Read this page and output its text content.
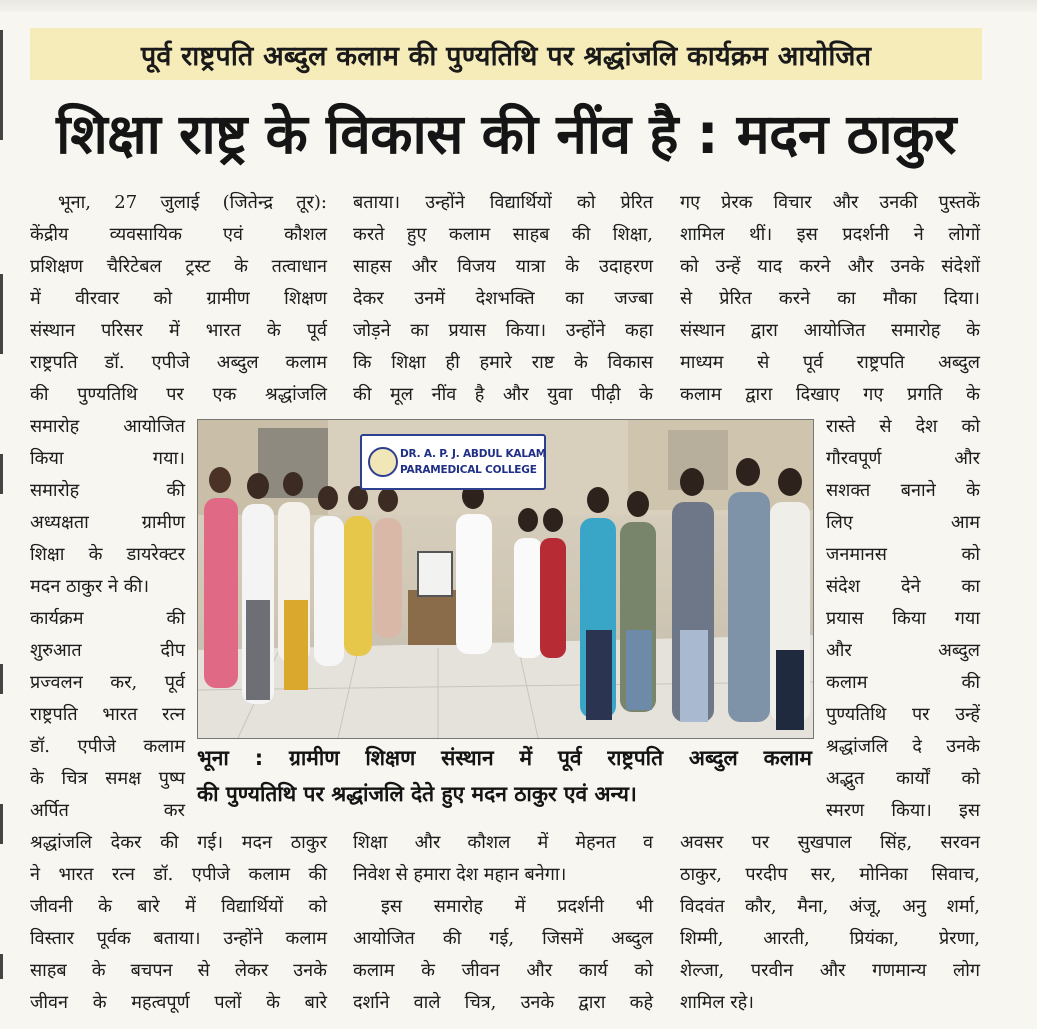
पूर्व राष्ट्रपति अब्दुल कलाम की पुण्यतिथि पर श्रद्धांजलि कार्यक्रम आयोजित
शिक्षा राष्ट्र के विकास की नींव है : मदन ठाकुर

भूना, 27 जुलाई (जितेन्द्र तूर):

केंद्रीय व्यवसायिक एवं कौशल

प्रशिक्षण चैरिटेबल ट्रस्ट के तत्वाधान

में वीरवार को ग्रामीण शिक्षण

संस्थान परिसर में भारत के पूर्व

राष्ट्रपति डॉ. एपीजे अब्दुल कलाम

की पुण्यतिथि पर एक श्रद्धांजलि

समारोह आयोजित

किया गया।

समारोह की

अध्यक्षता ग्रामीण

शिक्षा के डायरेक्टर

मदन ठाकुर ने की।

कार्यक्रम की

शुरुआत दीप

प्रज्वलन कर, पूर्व

राष्ट्रपति भारत रत्न

डॉ. एपीजे कलाम

के चित्र समक्ष पुष्प

अर्पित कर

श्रद्धांजलि देकर की गई। मदन ठाकुर

ने भारत रत्न डॉ. एपीजे कलाम की

जीवनी के बारे में विद्यार्थियों को

विस्तार पूर्वक बताया। उन्होंने कलाम

साहब के बचपन से लेकर उनके

जीवन के महत्वपूर्ण पलों के बारे

बताया। उन्होंने विद्यार्थियों को प्रेरित

करते हुए कलाम साहब की शिक्षा,

साहस और विजय यात्रा के उदाहरण

देकर उनमें देशभक्ति का जज्बा

जोड़ने का प्रयास किया। उन्होंने कहा

कि शिक्षा ही हमारे राष्ट के विकास

की मूल नींव है और युवा पीढ़ी के

शिक्षा और कौशल में मेहनत व

निवेश से हमारा देश महान बनेगा।

इस समारोह में प्रदर्शनी भी

आयोजित की गई, जिसमें अब्दुल

कलाम के जीवन और कार्य को

दर्शाने वाले चित्र, उनके द्वारा कहे

गए प्रेरक विचार और उनकी पुस्तकें

शामिल थीं। इस प्रदर्शनी ने लोगों

को उन्हें याद करने और उनके संदेशों

से प्रेरित करने का मौका दिया।

संस्थान द्वारा आयोजित समारोह के

माध्यम से पूर्व राष्ट्रपति अब्दुल

कलाम द्वारा दिखाए गए प्रगति के

रास्ते से देश को

गौरवपूर्ण और

सशक्त बनाने के

लिए आम

जनमानस को

संदेश देने का

प्रयास किया गया

और अब्दुल

कलाम की

पुण्यतिथि पर उन्हें

श्रद्धांजलि दे उनके

अद्भुत कार्यों को

स्मरण किया। इस

अवसर पर सुखपाल सिंह, सरवन

ठाकुर, परदीप सर, मोनिका सिवाच,

विदवंत कौर, मैना, अंजू, अनु शर्मा,

शिम्मी, आरती, प्रियंका, प्रेरणा,

शेल्जा, परवीन और गणमान्य लोग

शामिल रहे।

DR. A. P. J. ABDUL KALAM
PARAMEDICAL COLLEGE

भूना : ग्रामीण शिक्षण संस्थान में पूर्व राष्ट्रपति अब्दुल कलाम

की पुण्यतिथि पर श्रद्धांजलि देते हुए मदन ठाकुर एवं अन्य।
